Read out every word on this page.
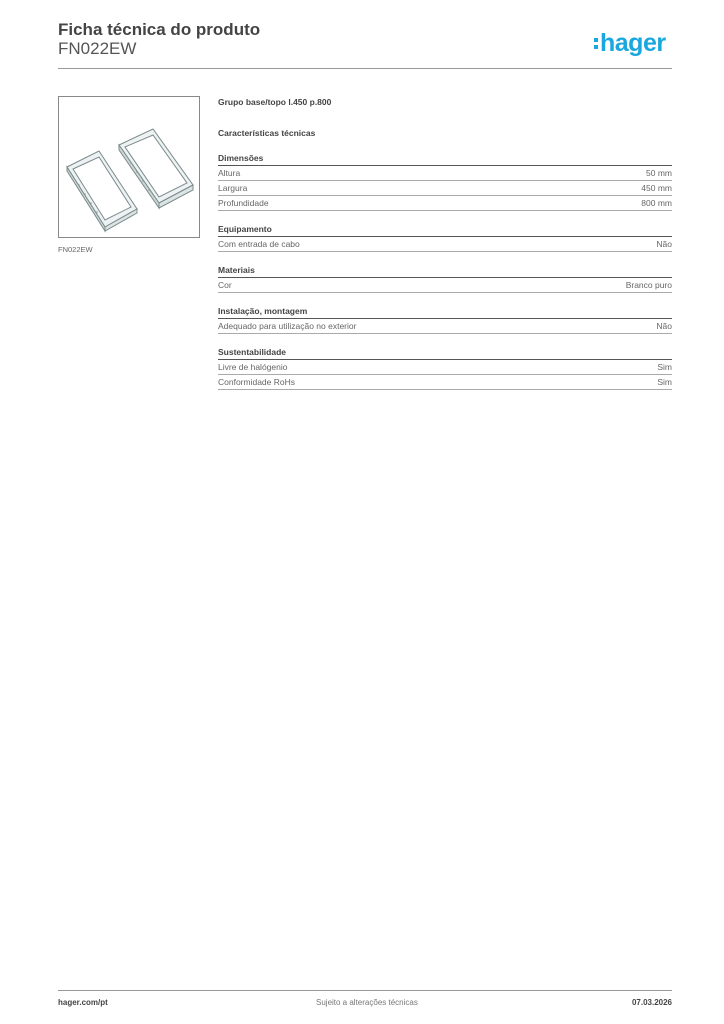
Ficha técnica do produto
FN022EW	hager
FN022EW
Grupo base/topo l.450 p.800
Características técnicas
Dimensões
Altura	50 mm
Largura	450 mm
Profundidade	800 mm
Equipamento
Com entrada de cabo	Não
Materiais
Cor	Branco puro
Instalação, montagem
Adequado para utilização no exterior	Não
Sustentabilidade
Livre de halógenio	Sim
Conformidade RoHs	Sim
hager.com/pt	Sujeito a alterações técnicas	07.03.2026
